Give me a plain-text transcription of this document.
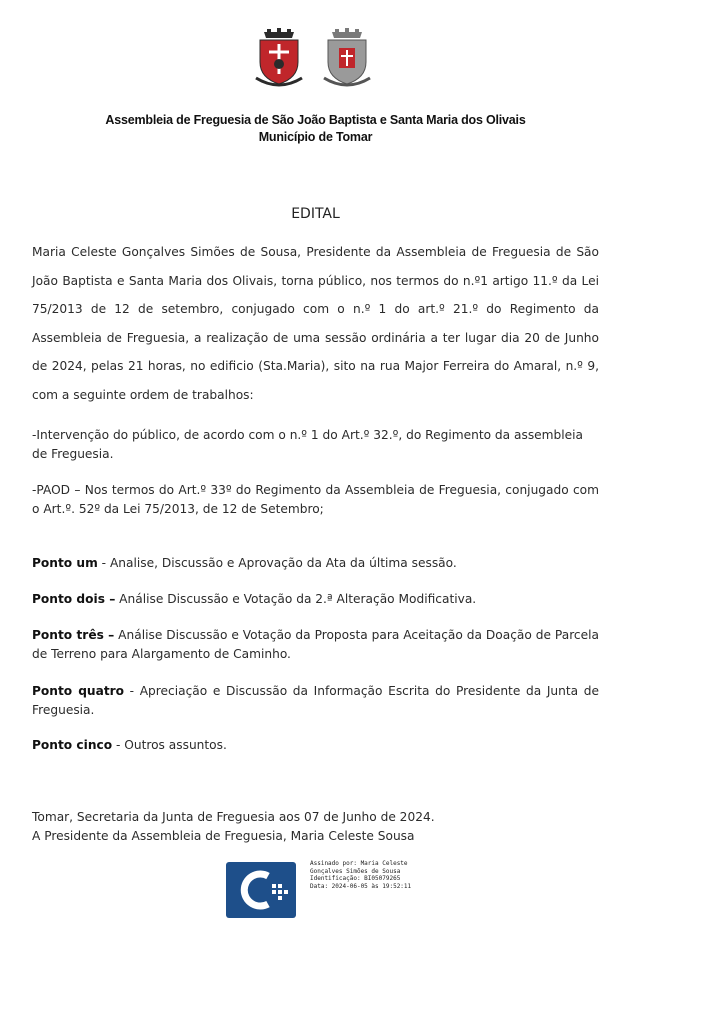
Assembleia de Freguesia de São João Baptista e Santa Maria dos Olivais
Município de Tomar
EDITAL
Maria Celeste Gonçalves Simões de Sousa, Presidente da Assembleia de Freguesia de São João Baptista e Santa Maria dos Olivais, torna público, nos termos do n.º1 artigo 11.º da Lei 75/2013 de 12 de setembro, conjugado com o n.º 1 do art.º 21.º do Regimento da Assembleia de Freguesia, a realização de uma sessão ordinária a ter lugar dia 20 de Junho de 2024, pelas 21 horas, no edificio (Sta.Maria), sito na rua Major Ferreira do Amaral, n.º 9, com a seguinte ordem de trabalhos:
-Intervenção do público, de acordo com o n.º 1 do Art.º 32.º, do Regimento da assembleia de Freguesia.
-PAOD – Nos termos do Art.º 33º do Regimento da Assembleia de Freguesia, conjugado com o Art.º. 52º da Lei 75/2013, de 12 de Setembro;
Ponto um - Analise, Discussão e Aprovação da Ata da última sessão.
Ponto dois – Análise Discussão e Votação da 2.ª Alteração Modificativa.
Ponto três – Análise Discussão e Votação da Proposta para Aceitação da Doação de Parcela de Terreno para Alargamento de Caminho.
Ponto quatro - Apreciação e Discussão da Informação Escrita do Presidente da Junta de Freguesia.
Ponto cinco - Outros assuntos.
Tomar, Secretaria da Junta de Freguesia aos 07 de Junho de 2024.
A Presidente da Assembleia de Freguesia, Maria Celeste Sousa
Assinado por: Maria Celeste
Gonçalves Simões de Sousa
Identificação: BI05079265
Data: 2024-06-05 às 19:52:11
